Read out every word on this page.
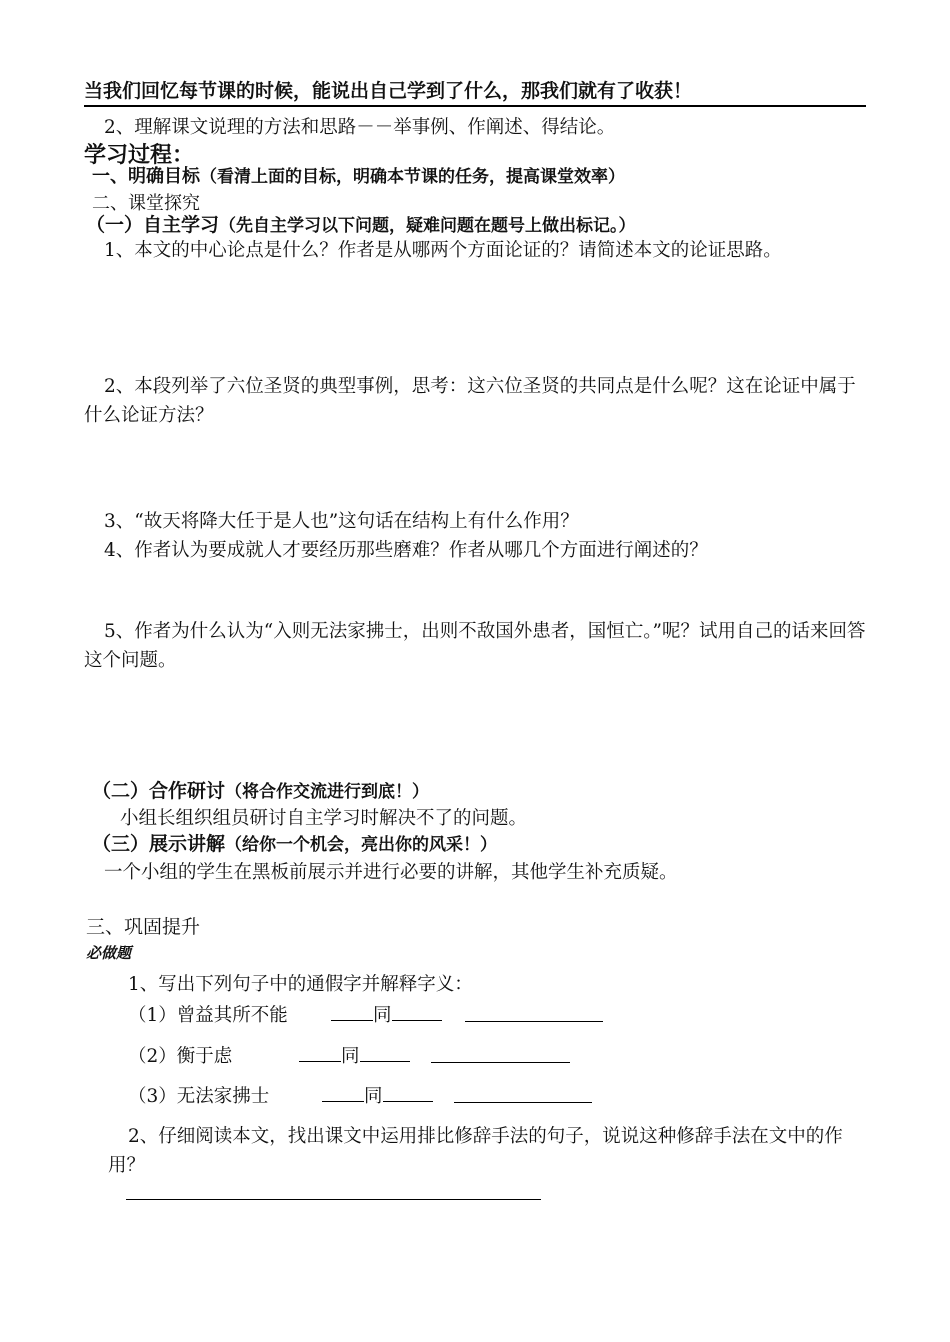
当我们回忆每节课的时候，能说出自己学到了什么，那我们就有了收获！
2、理解课文说理的方法和思路－－举事例、作阐述、得结论。
学习过程：
一、明确目标（看清上面的目标，明确本节课的任务，提高课堂效率）
二、课堂探究
（一）自主学习（先自主学习以下问题，疑难问题在题号上做出标记。）
1、本文的中心论点是什么？作者是从哪两个方面论证的？请简述本文的论证思路。
2、本段列举了六位圣贤的典型事例，思考：这六位圣贤的共同点是什么呢？这在论证中属于什么论证方法？
3、“故天将降大任于是人也”这句话在结构上有什么作用？
4、作者认为要成就人才要经历那些磨难？作者从哪几个方面进行阐述的？
5、作者为什么认为“入则无法家拂士，出则不敌国外患者，国恒亡。”呢？试用自己的话来回答这个问题。
（二）合作研讨（将合作交流进行到底！）
小组长组织组员研讨自主学习时解决不了的问题。
（三）展示讲解（给你一个机会，亮出你的风采！）
一个小组的学生在黑板前展示并进行必要的讲解，其他学生补充质疑。
三、巩固提升
必做题
1、写出下列句子中的通假字并解释字义：
（1）曾益其所不能	同
（2）衡于虑	同
（3）无法家拂士	同
2、仔细阅读本文，找出课文中运用排比修辞手法的句子，说说这种修辞手法在文中的作用？
